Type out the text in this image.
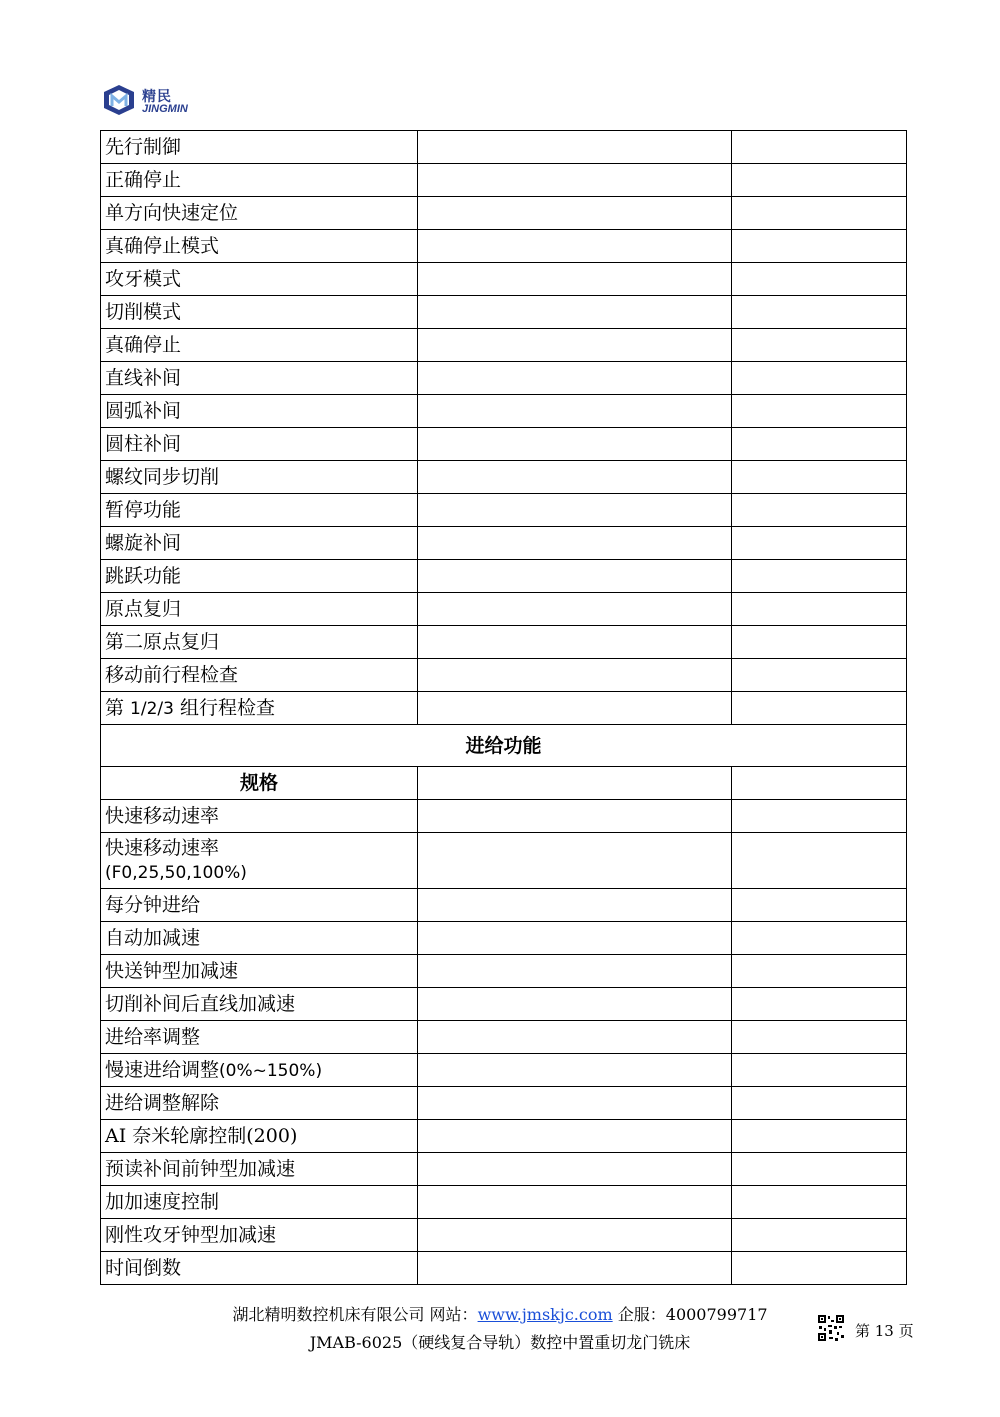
精民
JINGMIN
先行制御		
正确停止		
单方向快速定位		
真确停止模式		
攻牙模式		
切削模式		
真确停止		
直线补间		
圆弧补间		
圆柱补间		
螺纹同步切削		
暂停功能		
螺旋补间		
跳跃功能		
原点复归		
第二原点复归		
移动前行程检查		
第 1/2/3 组行程检查		
进给功能		
规格		
快速移动速率		
快速移动速率
(F0,25,50,100%)		
每分钟进给		
自动加减速		
快送钟型加减速		
切削补间后直线加减速		
进给率调整		
慢速进给调整(0%~150%)		
进给调整解除		
AI 奈米轮廓控制(200)		
预读补间前钟型加减速		
加加速度控制		
刚性攻牙钟型加减速		
时间倒数		
湖北精明数控机床有限公司 网站：www.jmskjc.com 企服：4000799717
JMAB-6025（硬线复合导轨）数控中置重切龙门铣床
第 13 页
